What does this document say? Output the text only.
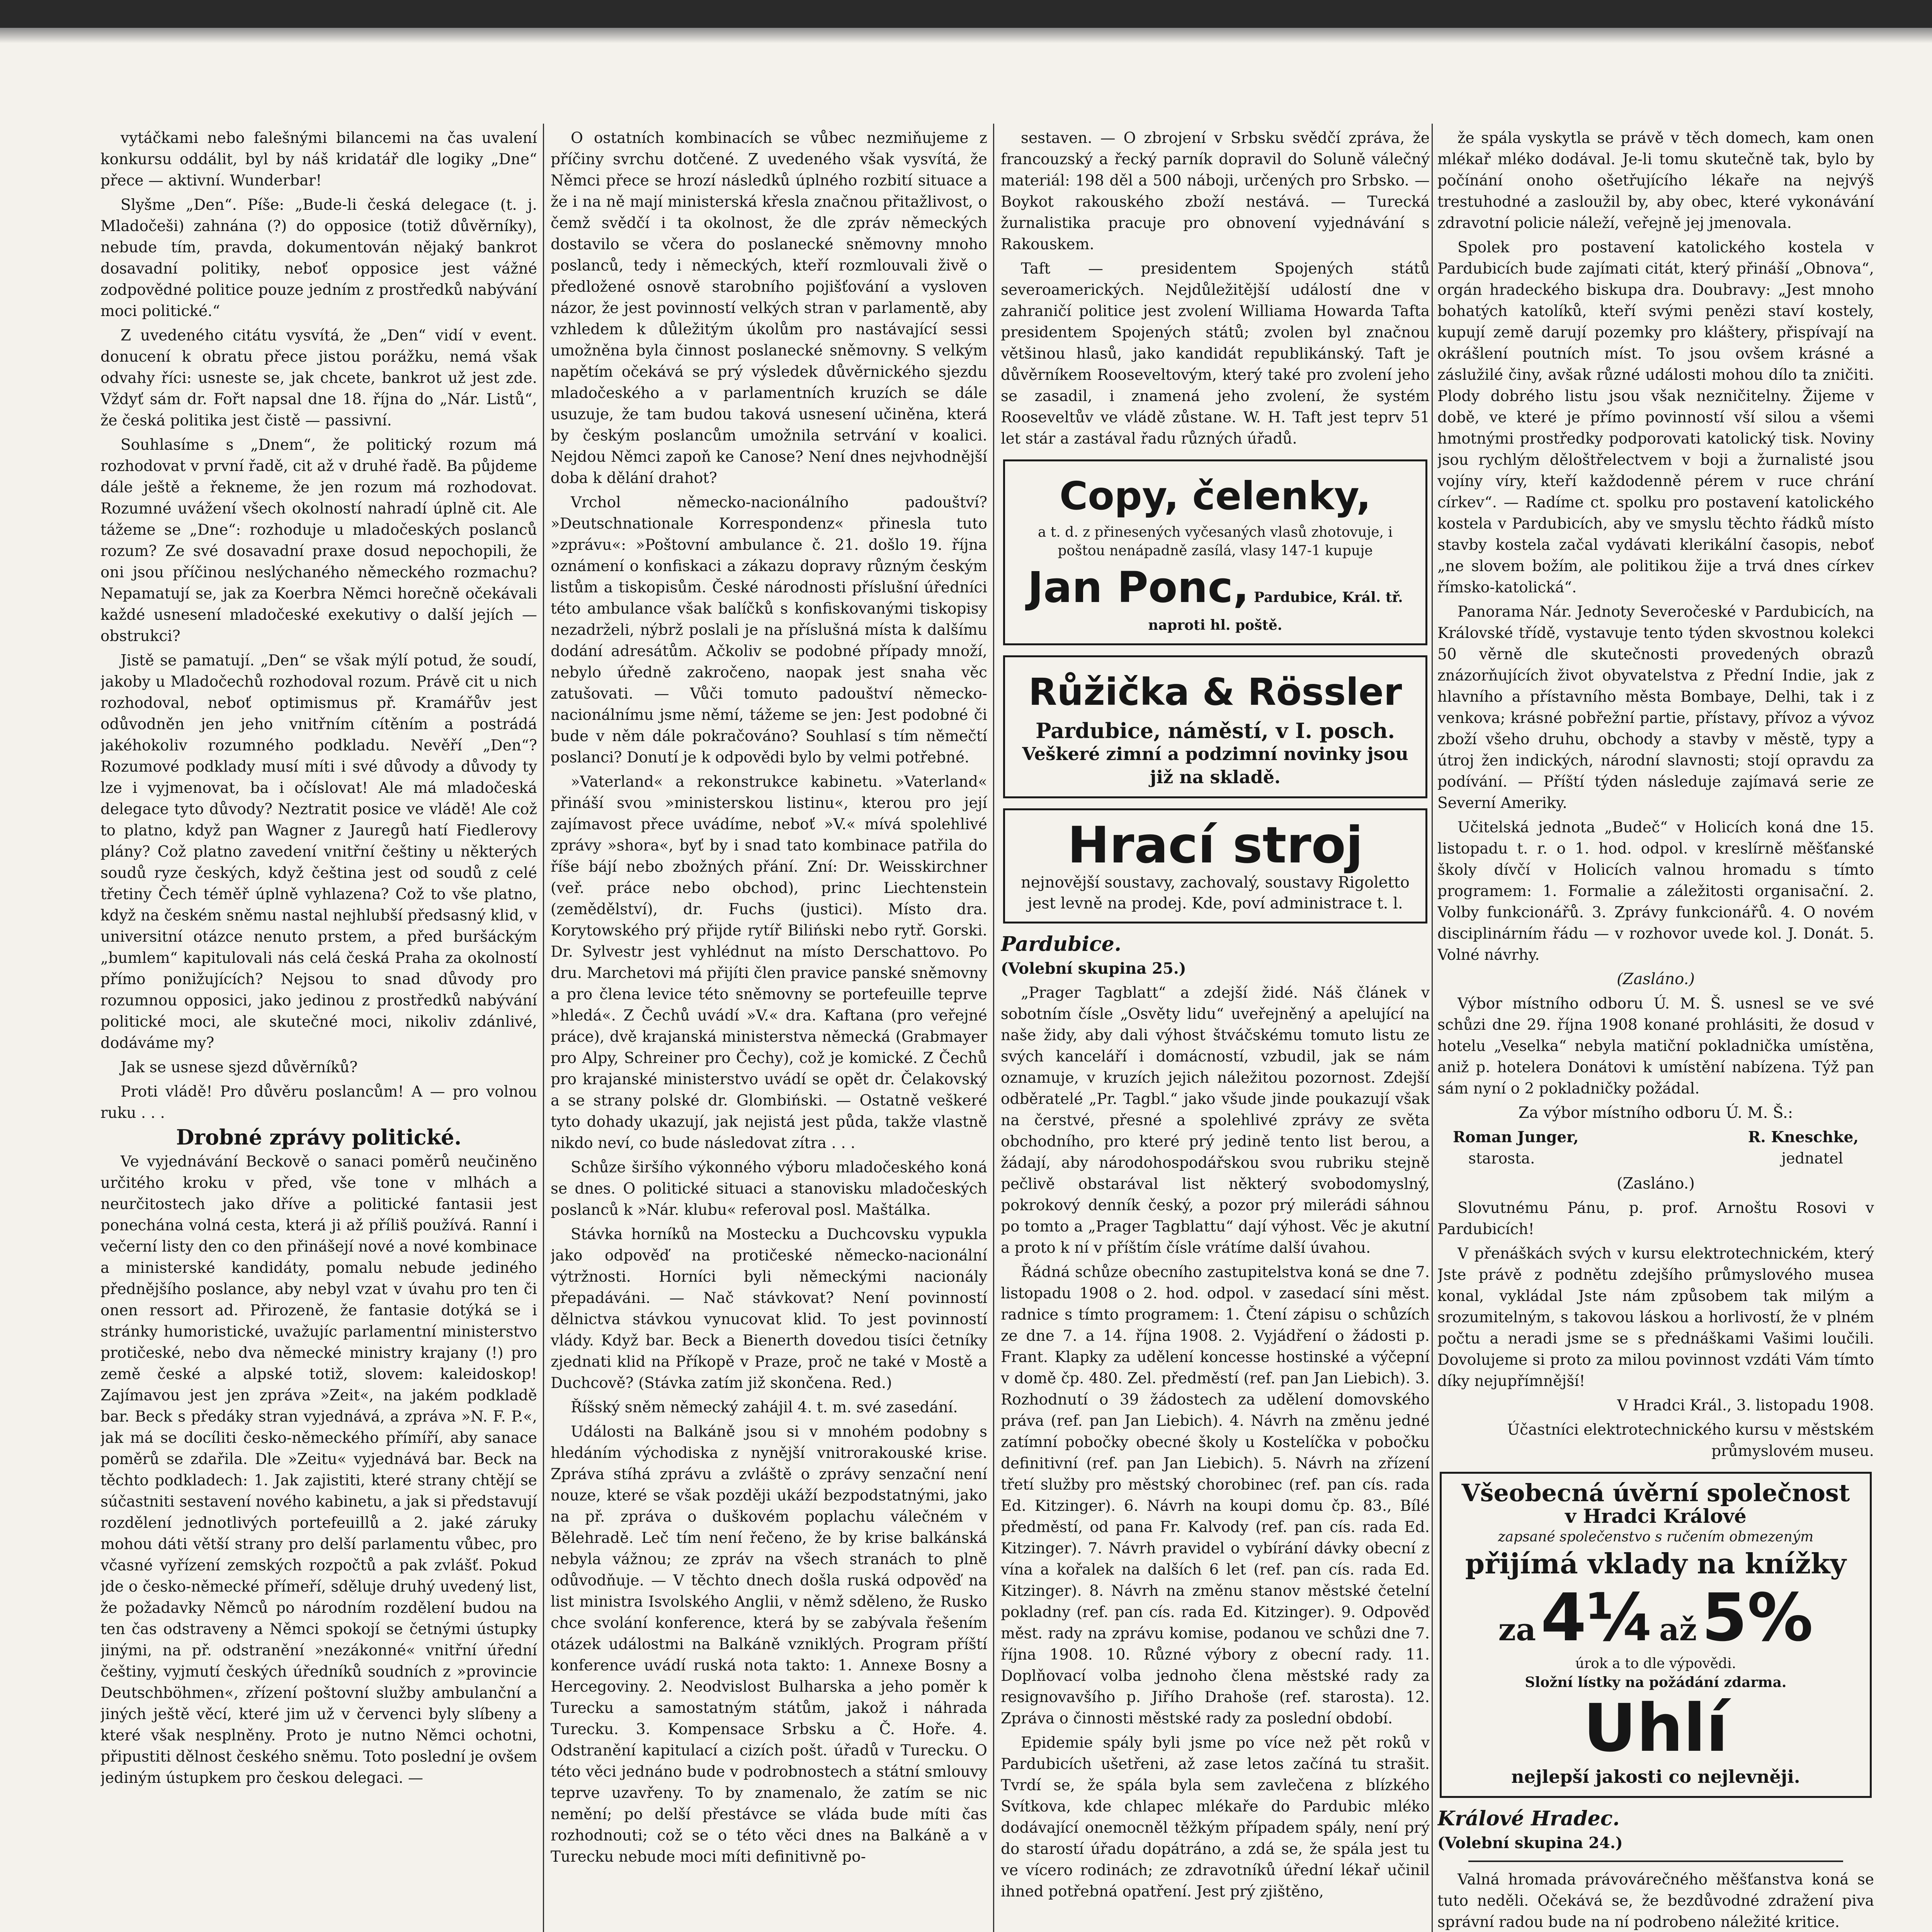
vytáčkami nebo falešnými bilancemi na čas uvalení konkursu oddálit, byl by náš kridatář dle logiky „Dne“ přece — aktivní. Wunderbar!

Slyšme „Den“. Píše: „Bude-li česká delegace (t. j. Mladočeši) zahnána (?) do opposice (totiž důvěrníky), nebude tím, pravda, dokumentován nějaký bankrot dosavadní politiky, neboť opposice jest vážné zodpovědné politice pouze jedním z prostředků nabývání moci politické.“

Z uvedeného citátu vysvítá, že „Den“ vidí v event. donucení k obratu přece jistou porážku, nemá však odvahy říci: usneste se, jak chcete, bankrot už jest zde. Vždyť sám dr. Fořt napsal dne 18. října do „Nár. Listů“, že česká politika jest čistě — passivní.

Souhlasíme s „Dnem“, že politický rozum má rozhodovat v první řadě, cit až v druhé řadě. Ba půjdeme dále ještě a řekneme, že jen rozum má rozhodovat. Rozumné uvážení všech okolností nahradí úplně cit. Ale tážeme se „Dne“: rozhoduje u mladočeských poslanců rozum? Ze své dosavadní praxe dosud nepochopili, že oni jsou příčinou neslýchaného německého rozmachu? Nepamatují se, jak za Koerbra Němci horečně očekávali každé usnesení mladočeské exekutivy o další jejích — obstrukci?

Jistě se pamatují. „Den“ se však mýlí potud, že soudí, jakoby u Mladočechů rozhodoval rozum. Právě cit u nich rozhodoval, neboť optimismus př. Kramářův jest odůvodněn jen jeho vnitřním cítěním a postrádá jakéhokoliv rozumného podkladu. Nevěří „Den“? Rozumové podklady musí míti i své důvody a důvody ty lze i vyjmenovat, ba i očíslovat! Ale má mladočeská delegace tyto důvody? Neztratit posice ve vládě! Ale což to platno, když pan Wagner z Jauregů hatí Fiedlerovy plány? Což platno zavedení vnitřní češtiny u některých soudů ryze českých, když čeština jest od soudů z celé třetiny Čech téměř úplně vyhlazena? Což to vše platno, když na českém sněmu nastal nejhlubší předsasný klid, v universitní otázce nenuto prstem, a před buršáckým „bumlem“ kapitulovali nás celá česká Praha za okolností přímo ponižujících? Nejsou to snad důvody pro rozumnou opposici, jako jedinou z prostředků nabývání politické moci, ale skutečné moci, nikoliv zdánlivé, dodáváme my?

Jak se usnese sjezd důvěrníků?

Proti vládě! Pro důvěru poslancům! A — pro volnou ruku . . .

Drobné zprávy politické.

Ve vyjednávání Beckově o sanaci poměrů neučiněno určitého kroku v před, vše tone v mlhách a neurčitostech jako dříve a politické fantasii jest ponechána volná cesta, která ji až příliš používá. Ranní i večerní listy den co den přinášejí nové a nové kombinace a ministerské kandidáty, pomalu nebude jediného přednějšího poslance, aby nebyl vzat v úvahu pro ten či onen ressort ad. Přirozeně, že fantasie dotýká se i stránky humoristické, uvažujíc parlamentní ministerstvo protičeské, nebo dva německé ministry krajany (!) pro země české a alpské totiž, slovem: kaleidoskop! Zajímavou jest jen zpráva »Zeit«, na jakém podkladě bar. Beck s předáky stran vyjednává, a zpráva »N. F. P.«, jak má se docíliti česko-německého přímíří, aby sanace poměrů se zdařila. Dle »Zeitu« vyjednává bar. Beck na těchto podkladech: 1. Jak zajistiti, které strany chtějí se súčastniti sestavení nového kabinetu, a jak si představují rozdělení jednotlivých portefeuillů a 2. jaké záruky mohou dáti větší strany pro delší parlamentu vůbec, pro včasné vyřízení zemských rozpočtů a pak zvlášť. Pokud jde o česko-německé přímeří, sděluje druhý uvedený list, že požadavky Němců po národním rozdělení budou na ten čas odstraveny a Němci spokojí se četnými ústupky jinými, na př. odstranění »nezákonné« vnitřní úřední češtiny, vyjmutí českých úředníků soudních z »provincie Deutschböhmen«, zřízení poštovní služby ambulanční a jiných ještě věcí, které jim už v červenci byly slíbeny a které však nesplněny. Proto je nutno Němci ochotni, připustiti dělnost českého sněmu. Toto poslední je ovšem jediným ústupkem pro českou delegaci. —

O ostatních kombinacích se vůbec nezmiňujeme z příčiny svrchu dotčené. Z uvedeného však vysvítá, že Němci přece se hrozí následků úplného rozbití situace a že i na ně mají ministerská křesla značnou přitažlivost, o čemž svědčí i ta okolnost, že dle zpráv německých dostavilo se včera do poslanecké sněmovny mnoho poslanců, tedy i německých, kteří rozmlouvali živě o předložené osnově starobního pojišťování a vysloven názor, že jest povinností velkých stran v parlamentě, aby vzhledem k důležitým úkolům pro nastávající sessi umožněna byla činnost poslanecké sněmovny. S velkým napětím očekává se prý výsledek důvěrnického sjezdu mladočeského a v parlamentních kruzích se dále usuzuje, že tam budou taková usnesení učiněna, která by českým poslancům umožnila setrvání v koalici. Nejdou Němci zapoň ke Canose? Není dnes nejvhodnější doba k dělání drahot?

Vrchol německo-nacionálního padouštví? »Deutschnationale Korrespondenz« přinesla tuto »zprávu«: »Poštovní ambulance č. 21. došlo 19. října oznámení o konfiskaci a zákazu dopravy různým českým listům a tiskopisům. České národnosti příslušní úředníci této ambulance však balíčků s konfiskovanými tiskopisy nezadrželi, nýbrž poslali je na příslušná místa k dalšímu dodání adresátům. Ačkoliv se podobné případy množí, nebylo úředně zakročeno, naopak jest snaha věc zatušovati. — Vůči tomuto padouštví německo-nacionálnímu jsme němí, tážeme se jen: Jest podobné či bude v něm dále pokračováno? Souhlasí s tím němečtí poslanci? Donutí je k odpovědi bylo by velmi potřebné.

»Vaterland« a rekonstrukce kabinetu. »Vaterland« přináší svou »ministerskou listinu«, kterou pro její zajímavost přece uvádíme, neboť »V.« mívá spolehlivé zprávy »shora«, byť by i snad tato kombinace patřila do říše bájí nebo zbožných přání. Zní: Dr. Weisskirchner (veř. práce nebo obchod), princ Liechtenstein (zemědělství), dr. Fuchs (justici). Místo dra. Korytowského prý přijde rytíř Biliński nebo rytř. Gorski. Dr. Sylvestr jest vyhlédnut na místo Derschattovo. Po dru. Marchetovi má přijíti člen pravice panské sněmovny a pro člena levice této sněmovny se portefeuille teprve »hledá«. Z Čechů uvádí »V.« dra. Kaftana (pro veřejné práce), dvě krajanská ministerstva německá (Grabmayer pro Alpy, Schreiner pro Čechy), což je komické. Z Čechů pro krajanské ministerstvo uvádí se opět dr. Čelakovský a se strany polské dr. Glombiński. — Ostatně veškeré tyto dohady ukazují, jak nejistá jest půda, takže vlastně nikdo neví, co bude následovat zítra . . .

Schůze širšího výkonného výboru mladočeského koná se dnes. O politické situaci a stanovisku mladočeských poslanců k »Nár. klubu« referoval posl. Maštálka.

Stávka horníků na Mostecku a Duchcovsku vypukla jako odpověď na protičeské německo-nacionální výtržnosti. Horníci byli německými nacionály přepadáváni. — Nač stávkovat? Není povinností dělnictva stávkou vynucovat klid. To jest povinností vlády. Když bar. Beck a Bienerth dovedou tisíci četníky zjednati klid na Příkopě v Praze, proč ne také v Mostě a Duchcově? (Stávka zatím již skončena. Red.)

Říšský sněm německý zahájil 4. t. m. své zasedání.

Události na Balkáně jsou si v mnohém podobny s hledáním východiska z nynější vnitrorakouské krise. Zpráva stíhá zprávu a zvláště o zprávy senzační není nouze, které se však později ukáží bezpodstatnými, jako na př. zpráva o duškovém poplachu válečném v Bělehradě. Leč tím není řečeno, že by krise balkánská nebyla vážnou; ze zpráv na všech stranách to plně odůvodňuje. — V těchto dnech došla ruská odpověď na list ministra Isvolského Anglii, v němž sděleno, že Rusko chce svolání konference, která by se zabývala řešením otázek událostmi na Balkáně vzniklých. Program příští konference uvádí ruská nota takto: 1. Annexe Bosny a Hercegoviny. 2. Neodvislost Bulharska a jeho poměr k Turecku a samostatným státům, jakož i náhrada Turecku. 3. Kompensace Srbsku a Č. Hoře. 4. Odstranění kapitulací a cizích pošt. úřadů v Turecku. O této věci jednáno bude v podrobnostech a státní smlouvy teprve uzavřeny. To by znamenalo, že zatím se nic nemění; po delší přestávce se vláda bude míti čas rozhodnouti; což se o této věci dnes na Balkáně a v Turecku nebude moci míti definitivně po-

sestaven. — O zbrojení v Srbsku svědčí zpráva, že francouzský a řecký parník dopravil do Soluně válečný materiál: 198 děl a 500 náboji, určených pro Srbsko. — Boykot rakouského zboží nestává. — Turecká žurnalistika pracuje pro obnovení vyjednávání s Rakouskem.

Taft — presidentem Spojených států severoamerických. Nejdůležitější událostí dne v zahraničí politice jest zvolení Williama Howarda Tafta presidentem Spojených států; zvolen byl značnou většinou hlasů, jako kandidát republikánský. Taft je důvěrníkem Rooseveltovým, který také pro zvolení jeho se zasadil, i znamená jeho zvolení, že systém Rooseveltův ve vládě zůstane. W. H. Taft jest teprv 51 let stár a zastával řadu různých úřadů.

Copy, čelenky,
a t. d. z přinesených vyčesaných vlasů zhotovuje, i poštou nenápadně zasílá, vlasy 147-1 kupuje
Jan Ponc, Pardubice, Král. tř. naproti hl. poště.
Růžička & Rössler
Pardubice, náměstí, v I. posch.
Veškeré zimní a podzimní novinky jsou již na skladě.
Hrací stroj
nejnovější soustavy, zachovalý, soustavy Rigoletto jest levně na prodej. Kde, poví administrace t. l.

Pardubice.

(Volební skupina 25.)

„Prager Tagblatt“ a zdejší židé. Náš článek v sobotním čísle „Osvěty lidu“ uveřejněný a apelující na naše židy, aby dali výhost štváčskému tomuto listu ze svých kanceláří i domácností, vzbudil, jak se nám oznamuje, v kruzích jejich náležitou pozornost. Zdejší odběratelé „Pr. Tagbl.“ jako všude jinde poukazují však na čerstvé, přesné a spolehlivé zprávy ze světa obchodního, pro které prý jedině tento list berou, a žádají, aby národohospodářskou svou rubriku stejně pečlivě obstarával list některý svobodomyslný, pokrokový denník český, a pozor prý milerádi sáhnou po tomto a „Prager Tagblattu“ dají výhost. Věc je akutní a proto k ní v příštím čísle vrátíme další úvahou.

Řádná schůze obecního zastupitelstva koná se dne 7. listopadu 1908 o 2. hod. odpol. v zasedací síni měst. radnice s tímto programem: 1. Čtení zápisu o schůzích ze dne 7. a 14. října 1908. 2. Vyjádření o žádosti p. Frant. Klapky za udělení koncesse hostinské a výčepní v domě čp. 480. Zel. předměstí (ref. pan Jan Liebich). 3. Rozhodnutí o 39 žádostech za udělení domovského práva (ref. pan Jan Liebich). 4. Návrh na změnu jedné zatímní pobočky obecné školy u Kostelíčka v pobočku definitivní (ref. pan Jan Liebich). 5. Návrh na zřízení třetí služby pro městský chorobinec (ref. pan cís. rada Ed. Kitzinger). 6. Návrh na koupi domu čp. 83., Bílé předměstí, od pana Fr. Kalvody (ref. pan cís. rada Ed. Kitzinger). 7. Návrh pravidel o vybírání dávky obecní z vína a kořalek na dalších 6 let (ref. pan cís. rada Ed. Kitzinger). 8. Návrh na změnu stanov městské četelní pokladny (ref. pan cís. rada Ed. Kitzinger). 9. Odpověď měst. rady na zprávu komise, podanou ve schůzi dne 7. října 1908. 10. Různé výbory z obecní rady. 11. Doplňovací volba jednoho člena městské rady za resignovavšího p. Jiřího Drahoše (ref. starosta). 12. Zpráva o činnosti městské rady za poslední období.

Epidemie spály byli jsme po více než pět roků v Pardubicích ušetřeni, až zase letos začíná tu strašit. Tvrdí se, že spála byla sem zavlečena z blízkého Svítkova, kde chlapec mlékaře do Pardubic mléko dodávající onemocněl těžkým případem spály, není prý do starostí úřadu dopátráno, a zdá se, že spála jest tu ve vícero rodinách; ze zdravotníků úřední lékař učinil ihned potřebná opatření. Jest prý zjištěno,

že spála vyskytla se právě v těch domech, kam onen mlékař mléko dodával. Je-li tomu skutečně tak, bylo by počínání onoho ošetřujícího lékaře na nejvýš trestuhodné a zasloužil by, aby obec, které vykonávání zdravotní policie náleží, veřejně jej jmenovala.

Spolek pro postavení katolického kostela v Pardubicích bude zajímati citát, který přináší „Obnova“, orgán hradeckého biskupa dra. Doubravy: „Jest mnoho bohatých katolíků, kteří svými penězi staví kostely, kupují země darují pozemky pro kláštery, přispívají na okrášlení poutních míst. To jsou ovšem krásné a záslužilé činy, avšak různé události mohou dílo ta zničiti. Plody dobrého listu jsou však nezničitelny. Žijeme v době, ve které je přímo povinností vší silou a všemi hmotnými prostředky podporovati katolický tisk. Noviny jsou rychlým děloštřelectvem v boji a žurnalisté jsou vojíny víry, kteří každodenně pérem v ruce chrání církev“. — Radíme ct. spolku pro postavení katolického kostela v Pardubicích, aby ve smyslu těchto řádků místo stavby kostela začal vydávati klerikální časopis, neboť „ne slovem božím, ale politikou žije a trvá dnes církev římsko-katolická“.

Panorama Nár. Jednoty Severočeské v Pardubicích, na Královské třídě, vystavuje tento týden skvostnou kolekci 50 věrně dle skutečnosti provedených obrazů znázorňujících život obyvatelstva z Přední Indie, jak z hlavního a přístavního města Bombaye, Delhi, tak i z venkova; krásné pobřežní partie, přístavy, přívoz a vývoz zboží všeho druhu, obchody a stavby v městě, typy a útroj žen indických, národní slavnosti; stojí opravdu za podívání. — Příští týden následuje zajímavá serie ze Severní Ameriky.

Učitelská jednota „Budeč“ v Holicích koná dne 15. listopadu t. r. o 1. hod. odpol. v kreslírně měšťanské školy dívčí v Holicích valnou hromadu s tímto programem: 1. Formalie a záležitosti organisační. 2. Volby funkcionářů. 3. Zprávy funkcionářů. 4. O novém disciplinárním řádu — v rozhovor uvede kol. J. Donát. 5. Volné návrhy.

(Zasláno.)

Výbor místního odboru Ú. M. Š. usnesl se ve své schůzi dne 29. října 1908 konané prohlásiti, že dosud v hotelu „Veselka“ nebyla matiční pokladnička umístěna, aniž p. hotelera Donátovi k umístění nabízena. Týž pan sám nyní o 2 pokladničky požádal.

Za výbor místního odboru Ú. M. Š.:

Roman Junger,	R. Kneschke,
starosta.	jednatel

(Zasláno.)

Slovutnému Pánu, p. prof. Arnoštu Rosovi v Pardubicích!

V přenáškách svých v kursu elektrotechnickém, který Jste právě z podnětu zdejšího průmyslového musea konal, vykládal Jste nám způsobem tak milým a srozumitelným, s takovou láskou a horlivostí, že v plném počtu a neradi jsme se s přednáškami Vašimi loučili. Dovolujeme si proto za milou povinnost vzdáti Vám tímto díky nejupřímnější!

V Hradci Král., 3. listopadu 1908.

Účastníci elektrotechnického kursu v městském průmyslovém museu.

Všeobecná úvěrní společnost
v Hradci Králové
zapsané společenstvo s ručením obmezeným
přijímá vklady na knížky
za 4¼ až 5%
úrok a to dle výpovědi.
Složní lístky na požádání zdarma.
Uhlí
nejlepší jakosti co nejlevněji.

Králové Hradec.

(Volební skupina 24.)

Valná hromada právovárečného měšťanstva koná se tuto neděli. Očekává se, že bezdůvodné zdražení piva správní radou bude na ní podrobeno náležité kritice.
